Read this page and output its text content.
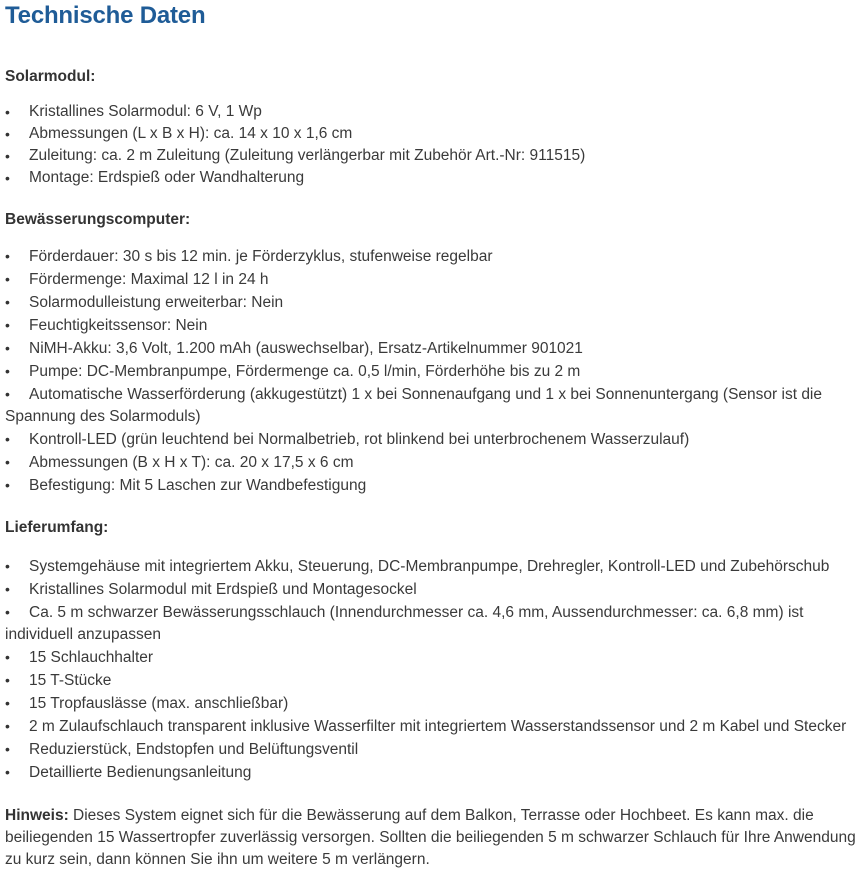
Technische Daten
Solarmodul:
•	Kristallines Solarmodul: 6 V, 1 Wp
•	Abmessungen (L x B x H): ca. 14 x 10 x 1,6 cm
•	Zuleitung: ca. 2 m Zuleitung (Zuleitung verlängerbar mit Zubehör Art.-Nr: 911515)
•	Montage: Erdspieß oder Wandhalterung
Bewässerungscomputer:
• Förderdauer: 30 s bis 12 min. je Förderzyklus, stufenweise regelbar
• Fördermenge: Maximal 12 l in 24 h
• Solarmodulleistung erweiterbar: Nein
• Feuchtigkeitssensor: Nein
• NiMH-Akku: 3,6 Volt, 1.200 mAh (auswechselbar), Ersatz-Artikelnummer 901021
• Pumpe: DC-Membranpumpe, Fördermenge ca. 0,5 l/min, Förderhöhe bis zu 2 m
• Automatische Wasserförderung (akkugestützt) 1 x bei Sonnenaufgang und 1 x bei Sonnenuntergang (Sensor ist die Spannung des Solarmoduls)
• Kontroll-LED (grün leuchtend bei Normalbetrieb, rot blinkend bei unterbrochenem Wasserzulauf)
• Abmessungen (B x H x T): ca. 20 x 17,5 x 6 cm
• Befestigung: Mit 5 Laschen zur Wandbefestigung
Lieferumfang:
• Systemgehäuse mit integriertem Akku, Steuerung, DC-Membranpumpe, Drehregler, Kontroll-LED und Zubehörschub
• Kristallines Solarmodul mit Erdspieß und Montagesockel
• Ca. 5 m schwarzer Bewässerungsschlauch (Innendurchmesser ca. 4,6 mm, Aussendurchmesser: ca. 6,8 mm) ist individuell anzupassen
• 15 Schlauchhalter
• 15 T-Stücke
• 15 Tropfauslässe (max. anschließbar)
• 2 m Zulaufschlauch transparent inklusive Wasserfilter mit integriertem Wasserstandssensor und 2 m Kabel und Stecker
• Reduzierstück, Endstopfen und Belüftungsventil
• Detaillierte Bedienungsanleitung

Hinweis: Dieses System eignet sich für die Bewässerung auf dem Balkon, Terrasse oder Hochbeet. Es kann max. die beiliegenden 15 Wassertropfer zuverlässig versorgen. Sollten die beiliegenden 5 m schwarzer Schlauch für Ihre Anwendung zu kurz sein, dann können Sie ihn um weitere 5 m verlängern.
